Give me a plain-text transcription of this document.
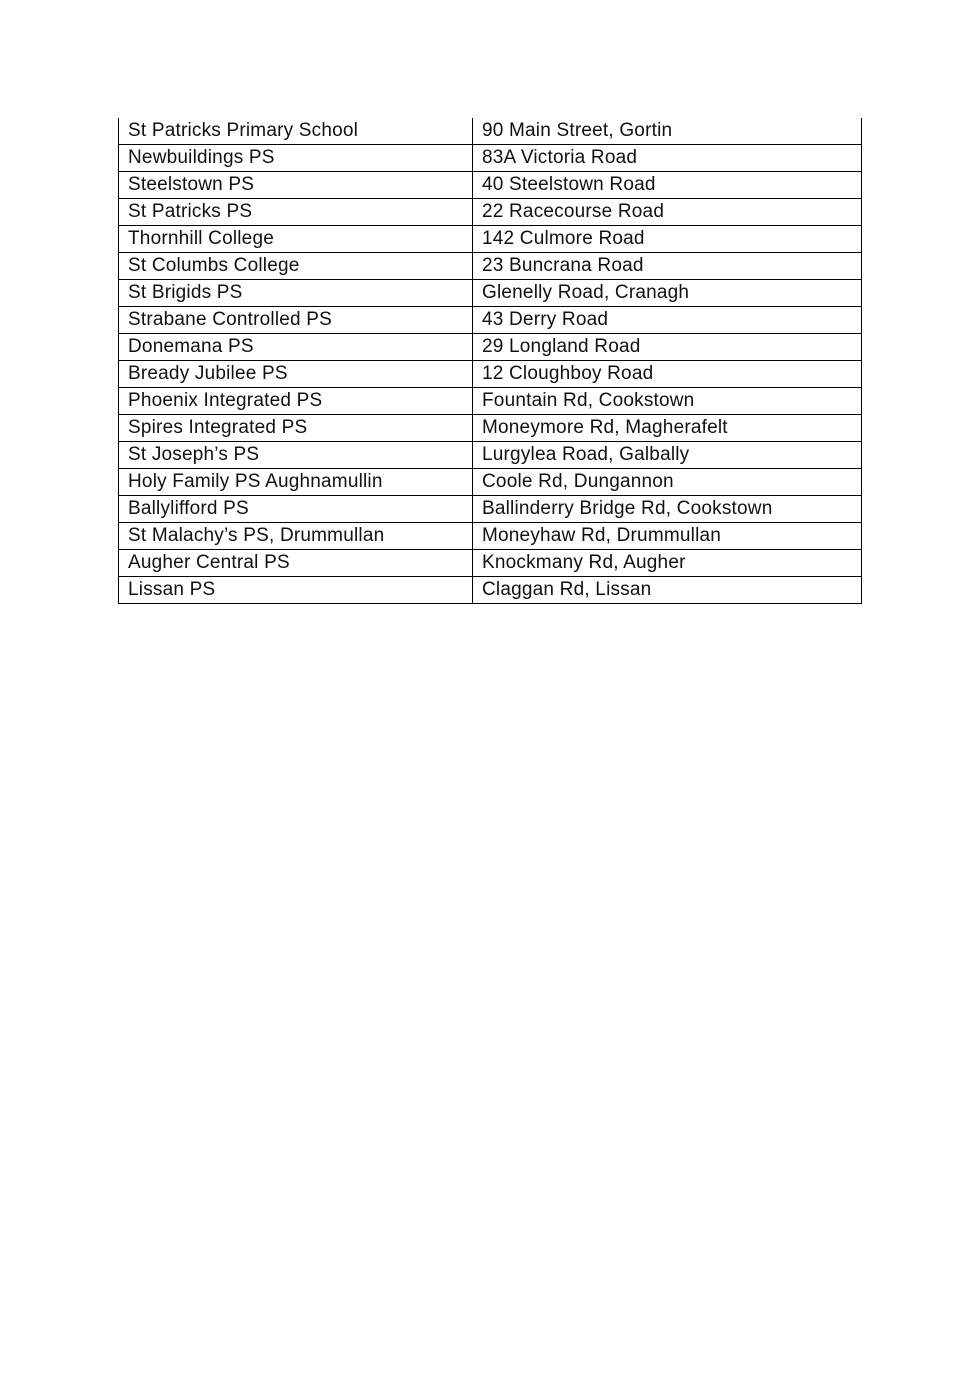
St Patricks Primary School	90 Main Street, Gortin
Newbuildings PS	83A Victoria Road
Steelstown PS	40 Steelstown Road
St Patricks PS	22 Racecourse Road
Thornhill College	142 Culmore Road
St Columbs College	23 Buncrana Road
St Brigids PS	Glenelly Road, Cranagh
Strabane Controlled PS	43 Derry Road
Donemana PS	29 Longland Road
Bready Jubilee PS	12 Cloughboy Road
Phoenix Integrated PS	Fountain Rd, Cookstown
Spires Integrated PS	Moneymore Rd, Magherafelt
St Joseph’s PS	Lurgylea Road, Galbally
Holy Family PS Aughnamullin	Coole Rd, Dungannon
Ballylifford PS	Ballinderry Bridge Rd, Cookstown
St Malachy’s PS, Drummullan	Moneyhaw Rd, Drummullan
Augher Central PS	Knockmany Rd, Augher
Lissan PS	Claggan Rd, Lissan
